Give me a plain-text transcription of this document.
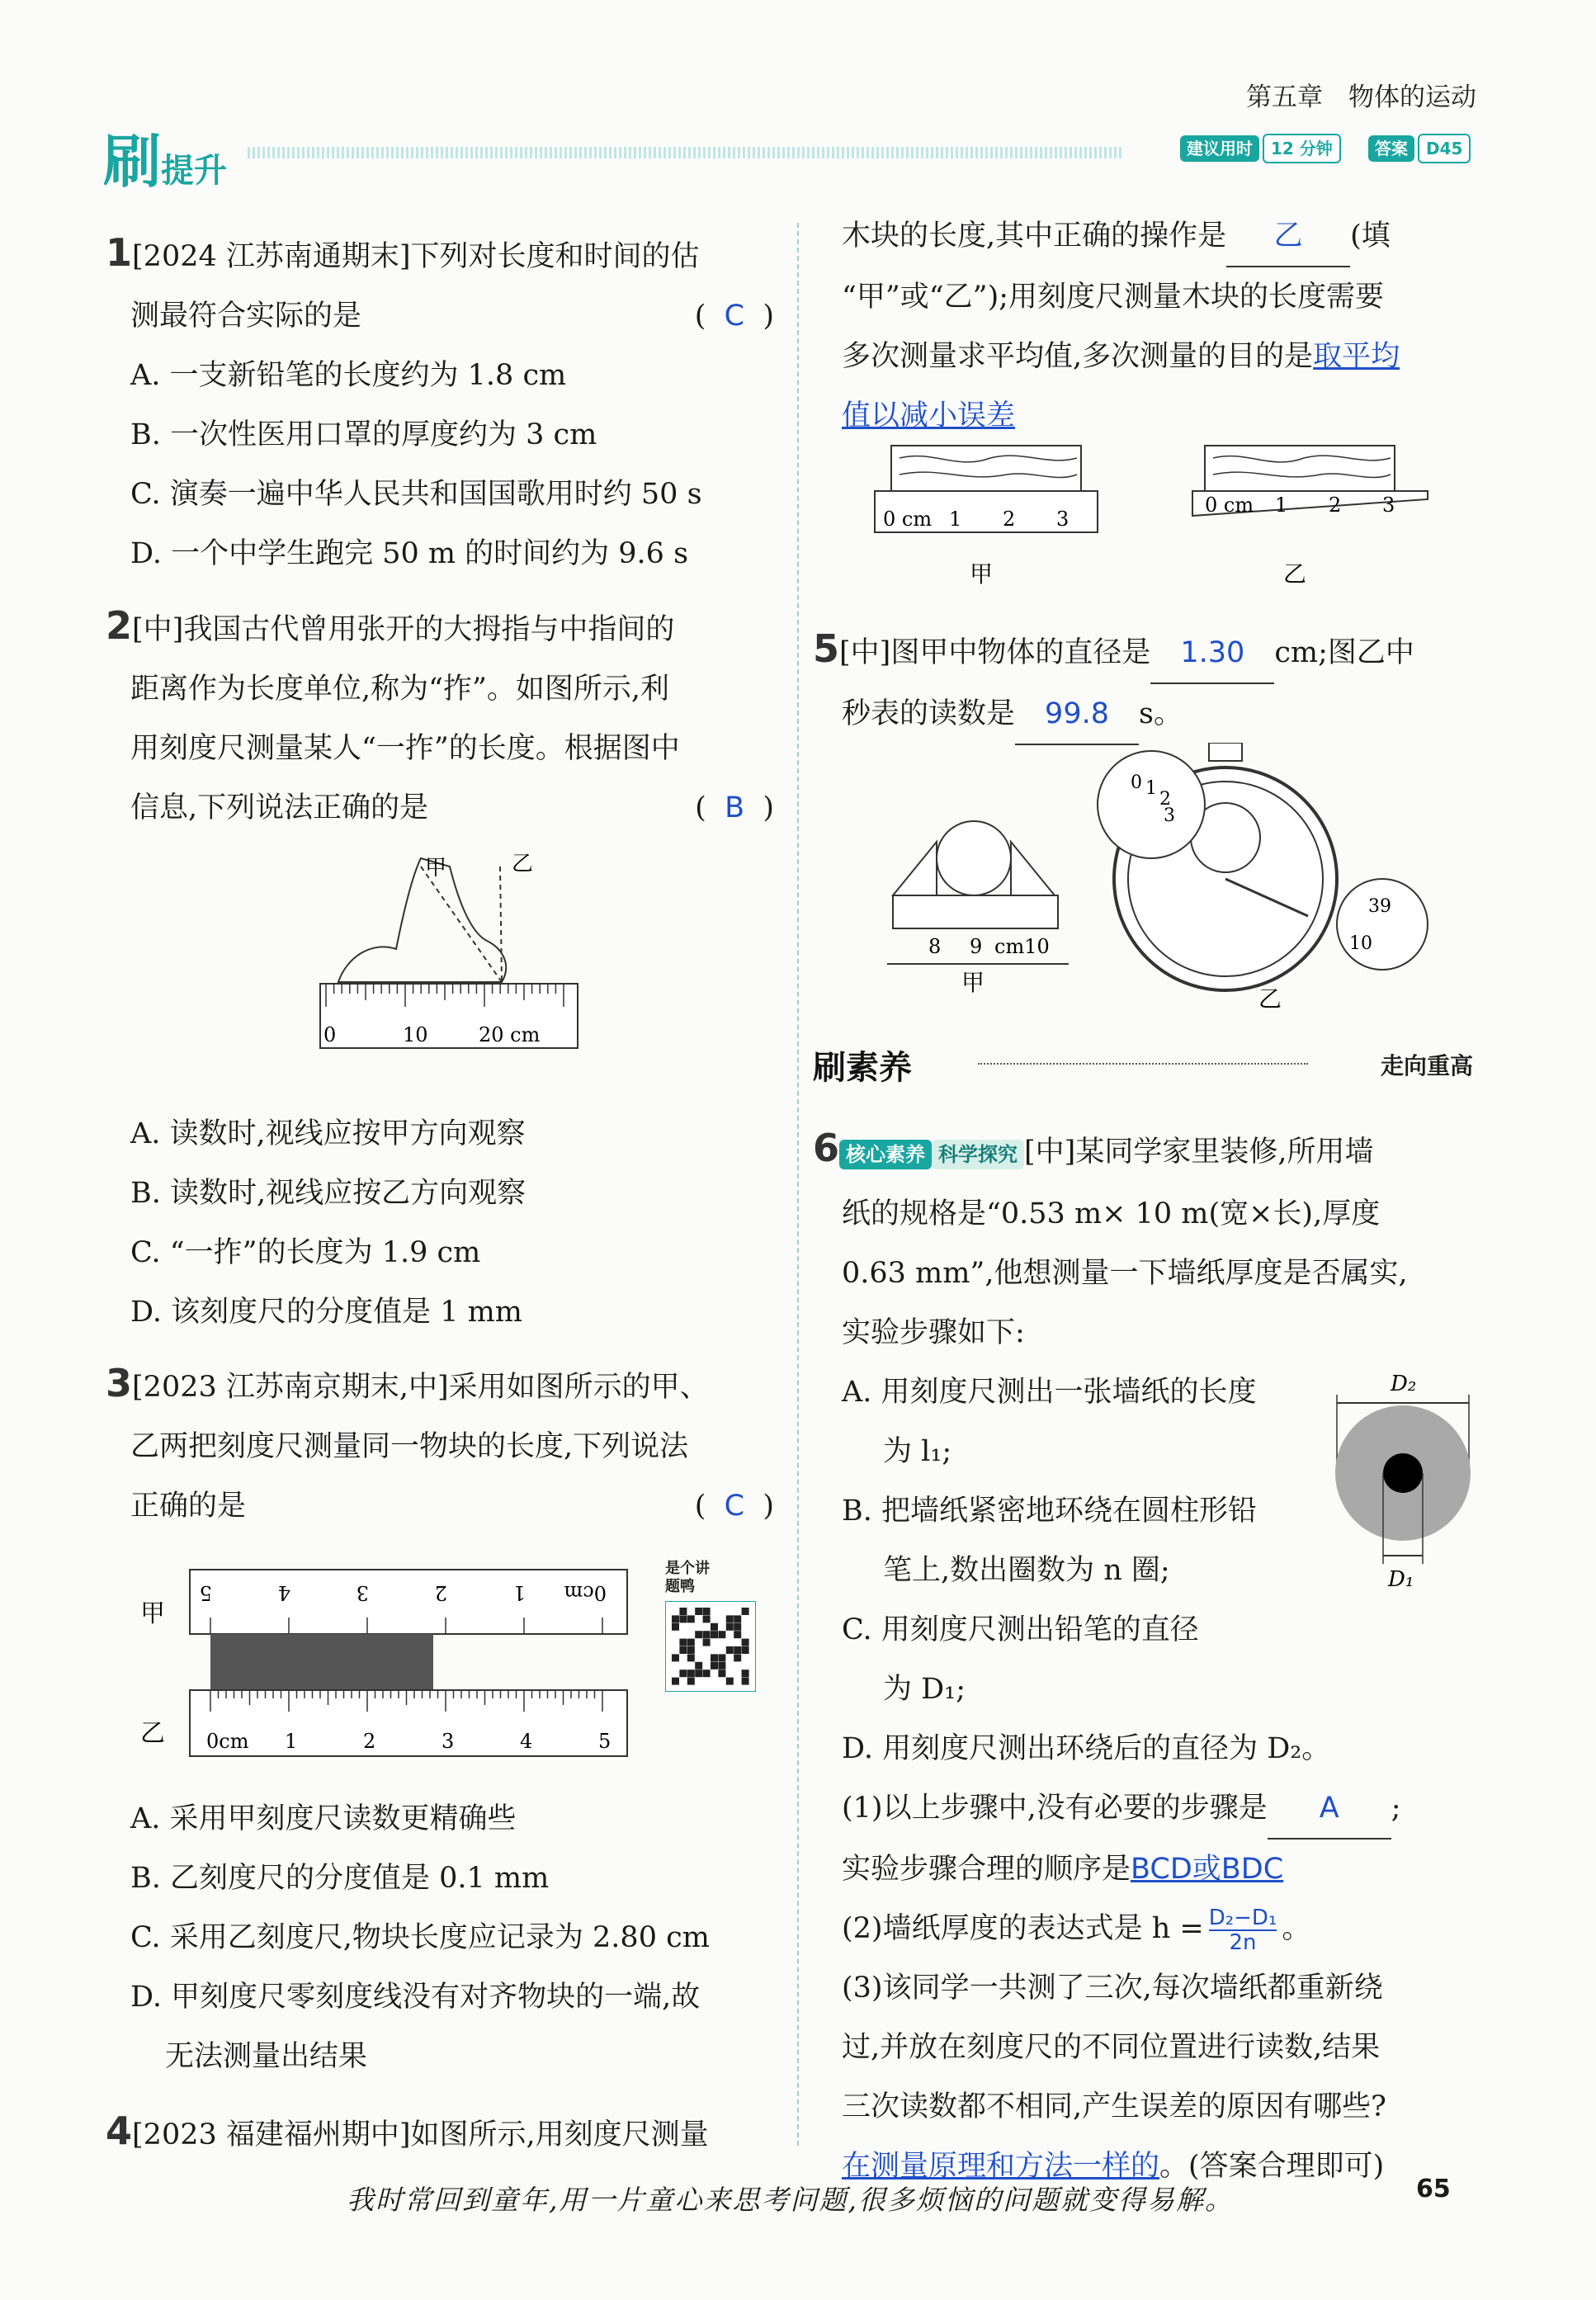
第五章　物体的运动
刷提升
建议用时 12 分钟	答案 D45
1[2024 江苏南通期末]下列对长度和时间的估
测最符合实际的是	(  C  )
A. 一支新铅笔的长度约为 1.8 cm
B. 一次性医用口罩的厚度约为 3 cm
C. 演奏一遍中华人民共和国国歌用时约 50 s
D. 一个中学生跑完 50 m 的时间约为 9.6 s
2[中]我国古代曾用张开的大拇指与中指间的
距离作为长度单位,称为“拃”。如图所示,利
用刻度尺测量某人“一拃”的长度。根据图中
信息,下列说法正确的是	(  B  )
甲	乙
0	10	20 cm
A. 读数时,视线应按甲方向观察
B. 读数时,视线应按乙方向观察
C. “一拃”的长度为 1.9 cm
D. 该刻度尺的分度值是 1 mm
3[2023 江苏南京期末,中]采用如图所示的甲、
乙两把刻度尺测量同一物块的长度,下列说法
正确的是	(  C  )
甲
乙
5	4	3	2	1 0cm
0cm 1	2	3	4	5
是个讲题鸭
A. 采用甲刻度尺读数更精确些
B. 乙刻度尺的分度值是 0.1 mm
C. 采用乙刻度尺,物块长度应记录为 2.80 cm
D. 甲刻度尺零刻度线没有对齐物块的一端,故
无法测量出结果
4[2023 福建福州期中]如图所示,用刻度尺测量
木块的长度,其中正确的操作是 乙 (填
“甲”或“乙”);用刻度尺测量木块的长度需要
多次测量求平均值,多次测量的目的是取平均
值以减小误差
0 cm 1 2 3
甲
0 cm 1 2 3
乙
5[中]图甲中物体的直径是 1.30 cm;图乙中
秒表的读数是 99.8 s。
8 9 cm10
甲
0 1
2
3
39
10
乙
刷素养	走向重高
6 核心素养 科学探究 [中]某同学家里装修,所用墙
纸的规格是“0.53 m× 10 m(宽×长),厚度
0.63 mm”,他想测量一下墙纸厚度是否属实,
实验步骤如下:
A. 用刻度尺测出一张墙纸的长度
为 l₁;
B. 把墙纸紧密地环绕在圆柱形铅
笔上,数出圈数为 n 圈;
C. 用刻度尺测出铅笔的直径
为 D₁;
D. 用刻度尺测出环绕后的直径为 D₂。
(1)以上步骤中,没有必要的步骤是 A ;
实验步骤合理的顺序是BCD或BDC
(2)墙纸厚度的表达式是 $h = \frac{\text{D₂−D₁}}{2n}$ 。
(3)该同学一共测了三次,每次墙纸都重新绕
过,并放在刻度尺的不同位置进行读数,结果
三次读数都不相同,产生误差的原因有哪些?
在测量原理和方法一样的。(答案合理即可)
D₂
D₁
我时常回到童年,用一片童心来思考问题,很多烦恼的问题就变得易解。	65
